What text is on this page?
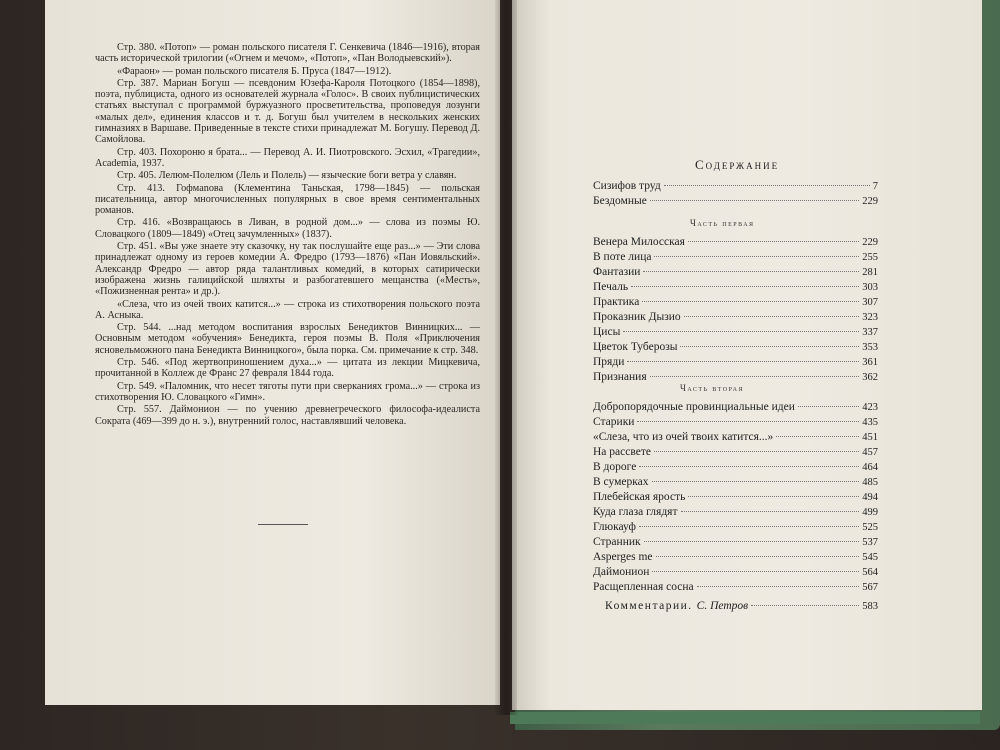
Стр. 380. «Потоп» — роман польского писателя Г. Сенкевича (1846—1916), вторая часть исторической трилогии («Огнем и мечом», «Потоп», «Пан Володыевский»).

«Фараон» — роман польского писателя Б. Пруса (1847—1912).

Стр. 387. Мариан Богуш — псевдоним Юзефа-Кароля Потоцкого (1854—1898), поэта, публициста, одного из основателей журнала «Голос». В своих публицистических статьях выступал с программой буржуазного просветительства, проповедуя лозунги «малых дел», единения классов и т. д. Богуш был учителем в нескольких женских гимназиях в Варшаве. Приведенные в тексте стихи принадлежат М. Богушу. Перевод Д. Самойлова.

Стр. 403. Похороню я брата... — Перевод А. И. Пиотровского. Эсхил, «Трагедии», Academia, 1937.

Стр. 405. Лелюм-Полелюм (Лель и Полель) — языческие боги ветра у славян.

Стр. 413. Гофмanова (Клементина Таньская, 1798—1845) — польская писательница, автор многочисленных популярных в свое время сентиментальных романов.

Стр. 416. «Возвращаюсь в Ливан, в родной дом...» — слова из поэмы Ю. Словацкого (1809—1849) «Отец зачумленных» (1837).

Стр. 451. «Вы уже знаете эту сказочку, ну так послушайте еще раз...» — Эти слова принадлежат одному из героев комедии А. Фредро (1793—1876) «Пан Иовяльский». Александр Фредро — автор ряда талантливых комедий, в которых сатирически изображена жизнь галицийской шляхты и разбогатевшего мещанства («Месть», «Пожизненная рента» и др.).

«Слеза, что из очей твоих катится...» — строка из стихотворения польского поэта А. Асныка.

Стр. 544. ...над методом воспитания взрослых Бенедиктов Винницких... — Основным методом «обучения» Бенедикта, героя поэмы В. Поля «Приключения ясновельможного пана Бенедикта Винницкого», была порка. См. примечание к стр. 348.

Стр. 546. «Под жертвоприношением духа...» — цитата из лекции Мицкевича, прочитанной в Коллеж де Франс 27 февраля 1844 года.

Стр. 549. «Паломник, что несет тяготы пути при сверканиях грома...» — строка из стихотворения Ю. Словацкого «Гимн».

Стр. 557. Даймонион — по учению древнегреческого философа-идеалиста Сократа (469—399 до н. э.), внутренний голос, наставлявший человека.

Содержание
Сизифов труд	7
Бездомные	229
Часть первая
Венера Милосская	229
В поте лица	255
Фантазии	281
Печаль	303
Практика	307
Проказник Дызио	323
Цисы	337
Цветок Туберозы	353
Пряди	361
Признания	362
Часть вторая
Добропорядочные провинциальные идеи	423
Старики	435
«Слеза, что из очей твоих катится...»	451
На рассвете	457
В дороге	464
В сумерках	485
Плебейская ярость	494
Куда глаза глядят	499
Глюкауф	525
Странник	537
Asperges me	545
Даймонион	564
Расщепленная сосна	567
Комментарии. С. Петров	583
